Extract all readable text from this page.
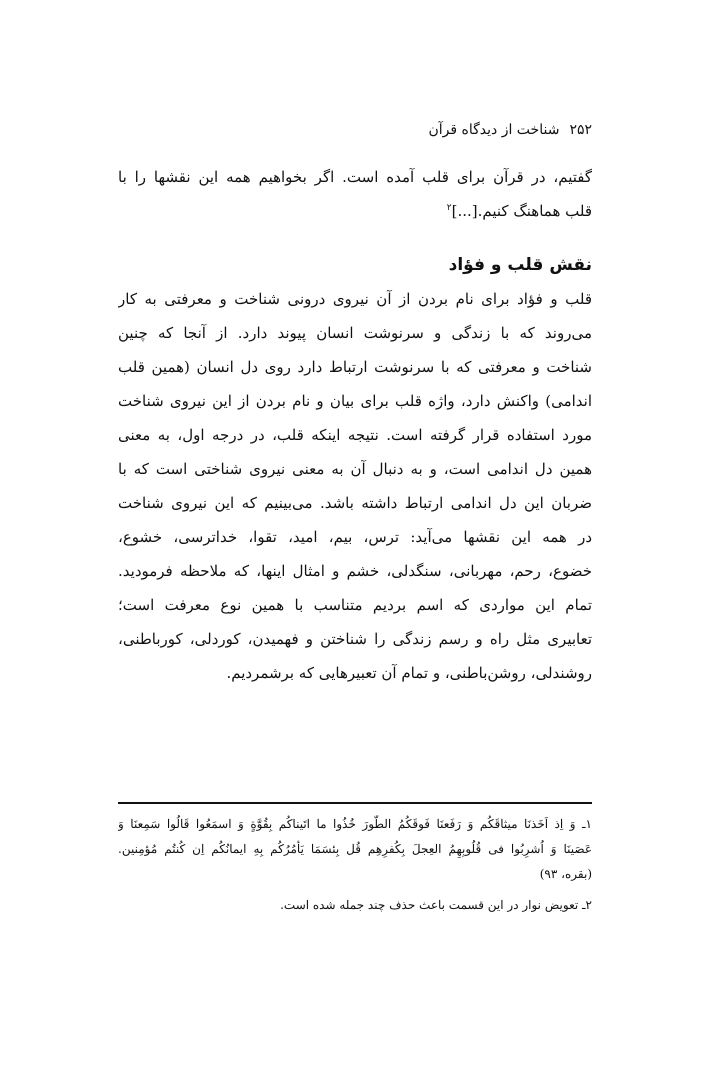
۲۵۲شناخت از دیدگاه قرآن
گفتیم، در قرآن برای قلب آمده است. اگر بخواهیم همه این نقشها را با
قلب هماهنگ کنیم.[...]$^۲$
نقش قلب و فؤاد
قلب و فؤاد برای نام بردن از آن نیروی درونی شناخت و معرفتی به کار
می‌روند که با زندگی و سرنوشت انسان پیوند دارد. از آنجا که چنین
شناخت و معرفتی که با سرنوشت ارتباط دارد روی دل انسان (همین قلب
اندامی) واکنش دارد، واژه قلب برای بیان و نام بردن از این نیروی شناخت
مورد استفاده قرار گرفته است. نتیجه اینکه قلب، در درجه اول، به معنی
همین دل اندامی است، و به دنبال آن به معنی نیروی شناختی است که با
ضربان این دل اندامی ارتباط داشته باشد. می‌بینیم که این نیروی شناخت
در همه این نقشها می‌آید: ترس، بیم، امید، تقوا، خداترسی، خشوع،
خضوع، رحم، مهربانی، سنگدلی، خشم و امثال اینها، که ملاحظه فرمودید.
تمام این مواردی که اسم بردیم متناسب با همین نوع معرفت است؛
تعابیری مثل راه و رسم زندگی را شناختن و فهمیدن، کوردلی، کورباطنی،
روشندلی، روشن‌باطنی، و تمام آن تعبیرهایی که برشمردیم.
۱ـ وَ اِذ اَخَذنَا میثاقَکُم وَ رَفَعنَا فَوقَکُمُ الطّورَ خُذُوا ما اتَیناکُم بِقُوَّةٍ وَ اسمَعُوا قَالُوا سَمِعنَا وَ
عَصَینَا وَ اُشرِبُوا فی قُلُوبِهِمُ العِجلَ بِکُفرِهِم قُل بِئسَمَا یَأمُرُکُم بِهِ ایمانُکُم اِن کُنتُم مُؤمِنین.
(بقره، ۹۳)
۲ـ تعویض نوار در این قسمت باعث حذف چند جمله شده است.
